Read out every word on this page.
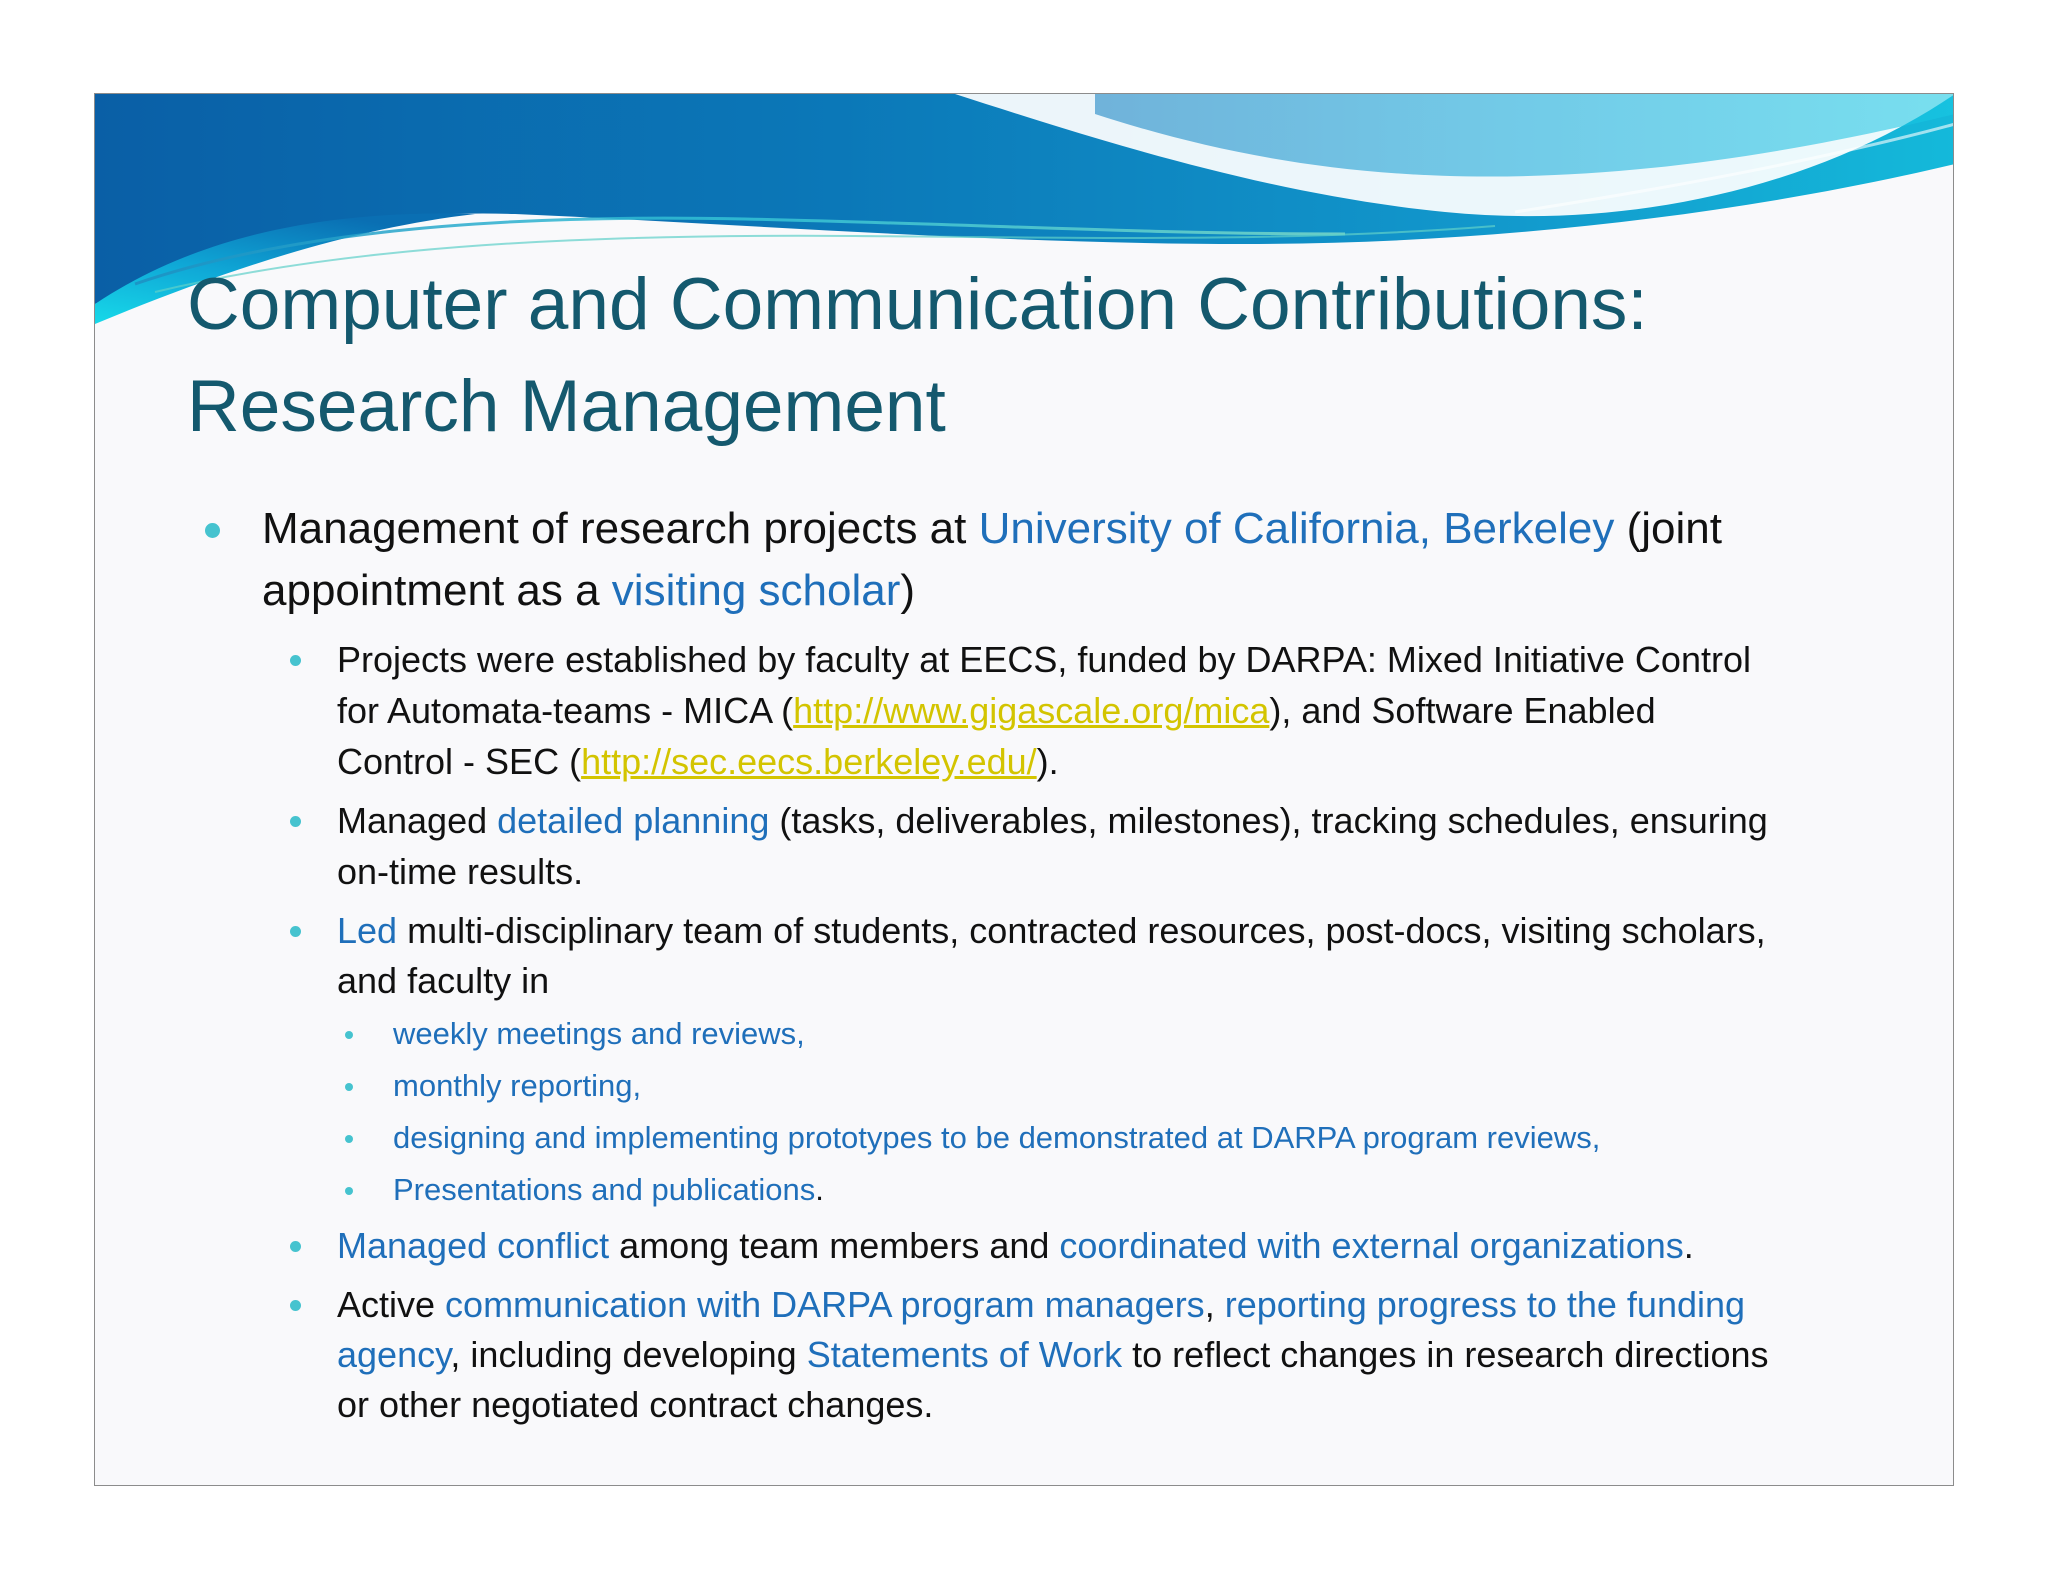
Computer and Communication Contributions:
Research Management
Management of research projects at University of California, Berkeley (joint
appointment as a visiting scholar)
Projects were established by faculty at EECS, funded by DARPA: Mixed Initiative Control
for Automata-teams - MICA (http://www.gigascale.org/mica), and Software Enabled
Control - SEC (http://sec.eecs.berkeley.edu/).
Managed detailed planning (tasks, deliverables, milestones), tracking schedules, ensuring
on-time results.
Led multi-disciplinary team of students, contracted resources, post-docs, visiting scholars,
and faculty in
weekly meetings and reviews,
monthly reporting,
designing and implementing prototypes to be demonstrated at DARPA program reviews,
Presentations and publications.
Managed conflict among team members and coordinated with external organizations.
Active communication with DARPA program managers, reporting progress to the funding
agency, including developing Statements of Work to reflect changes in research directions
or other negotiated contract changes.
